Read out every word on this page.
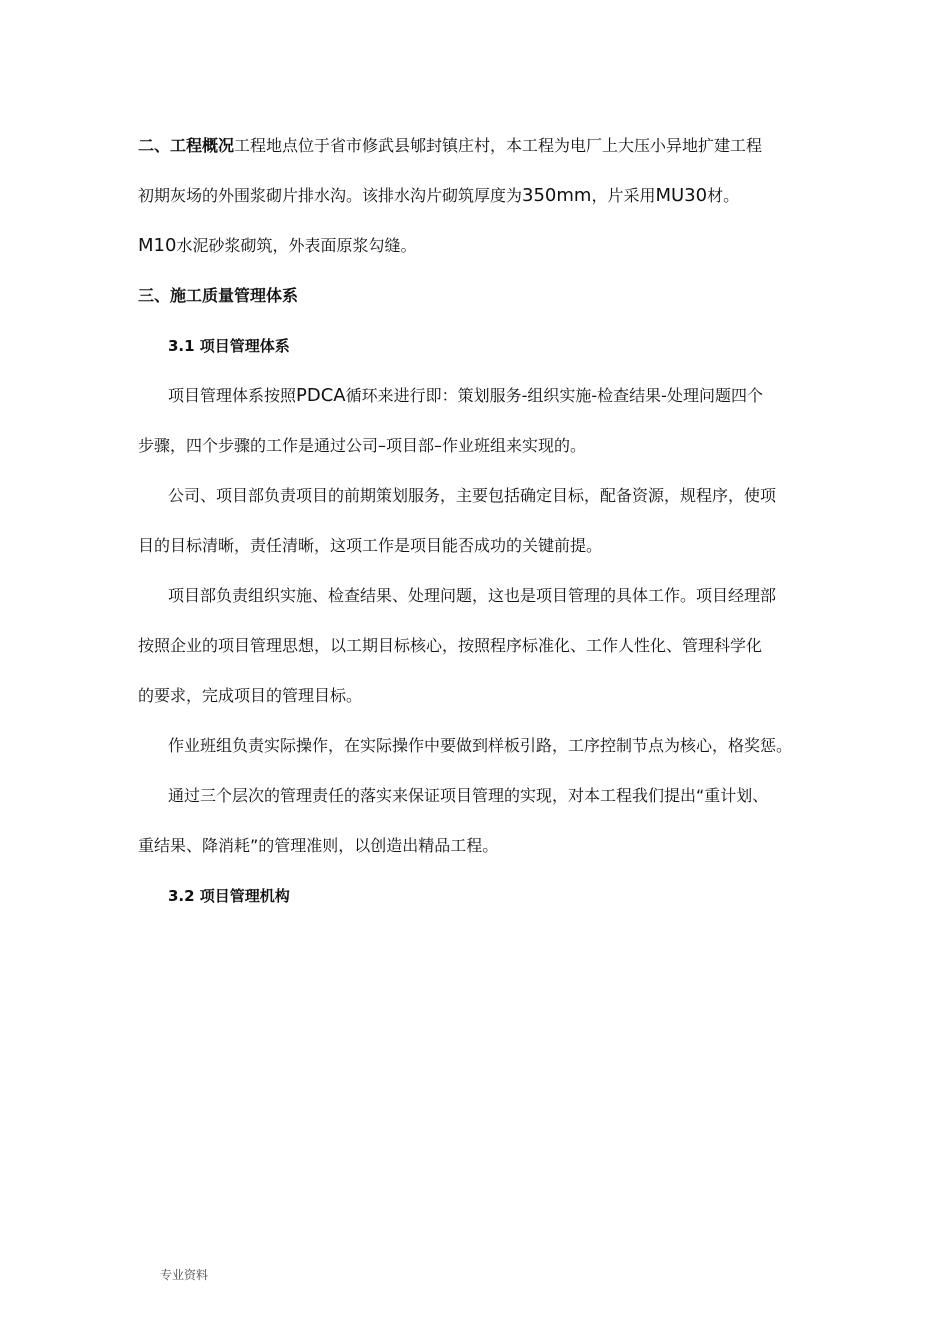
二、工程概况工程地点位于省市修武县郇封镇庄村，本工程为电厂上大压小异地扩建工程
初期灰场的外围浆砌片排水沟。该排水沟片砌筑厚度为350mm，片采用MU30材。
M10水泥砂浆砌筑，外表面原浆勾缝。
三、施工质量管理体系
3.1 项目管理体系
项目管理体系按照PDCA循环来进行即：策划服务-组织实施-检查结果-处理问题四个
步骤，四个步骤的工作是通过公司–项目部–作业班组来实现的。
公司、项目部负责项目的前期策划服务，主要包括确定目标，配备资源，规程序，使项
目的目标清晰，责任清晰，这项工作是项目能否成功的关键前提。
项目部负责组织实施、检查结果、处理问题，这也是项目管理的具体工作。项目经理部
按照企业的项目管理思想，以工期目标核心，按照程序标准化、工作人性化、管理科学化
的要求，完成项目的管理目标。
作业班组负责实际操作，在实际操作中要做到样板引路，工序控制节点为核心，格奖惩。
通过三个层次的管理责任的落实来保证项目管理的实现，对本工程我们提出“重计划、
重结果、降消耗”的管理准则，以创造出精品工程。
3.2 项目管理机构
专业资料
